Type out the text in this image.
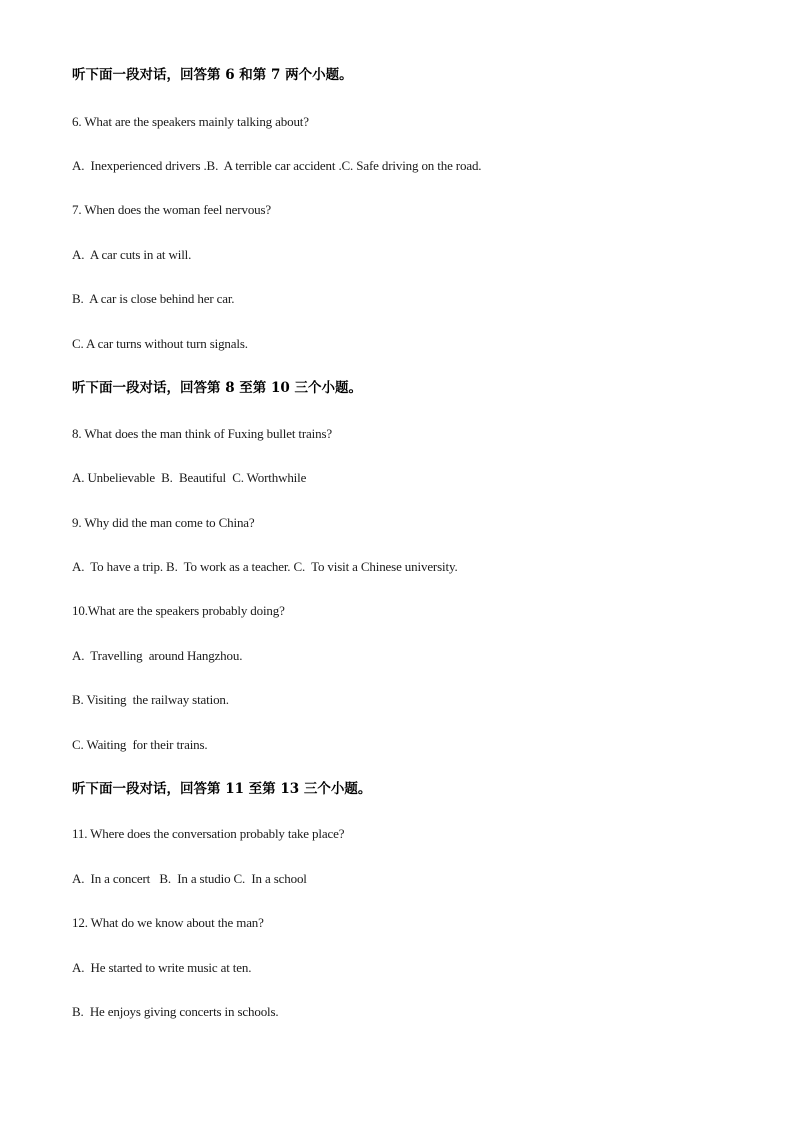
听下面一段对话，回答第 6 和第 7 两个小题。
6. What are the speakers mainly talking about?
A.  Inexperienced drivers .B.  A terrible car accident .C. Safe driving on the road.
7. When does the woman feel nervous?
A.  A car cuts in at will.
B.  A car is close behind her car.
C. A car turns without turn signals.
听下面一段对话，回答第 8 至第 10 三个小题。
8. What does the man think of Fuxing bullet trains?
A. Unbelievable  B.  Beautiful  C. Worthwhile
9. Why did the man come to China?
A.  To have a trip. B.  To work as a teacher. C.  To visit a Chinese university.
10.What are the speakers probably doing?
A.  Travelling  around Hangzhou.
B. Visiting  the railway station.
C. Waiting  for their trains.
听下面一段对话，回答第 11 至第 13 三个小题。
11. Where does the conversation probably take place?
A.  In a concert   B.  In a studio C.  In a school
12. What do we know about the man?
A.  He started to write music at ten.
B.  He enjoys giving concerts in schools.
